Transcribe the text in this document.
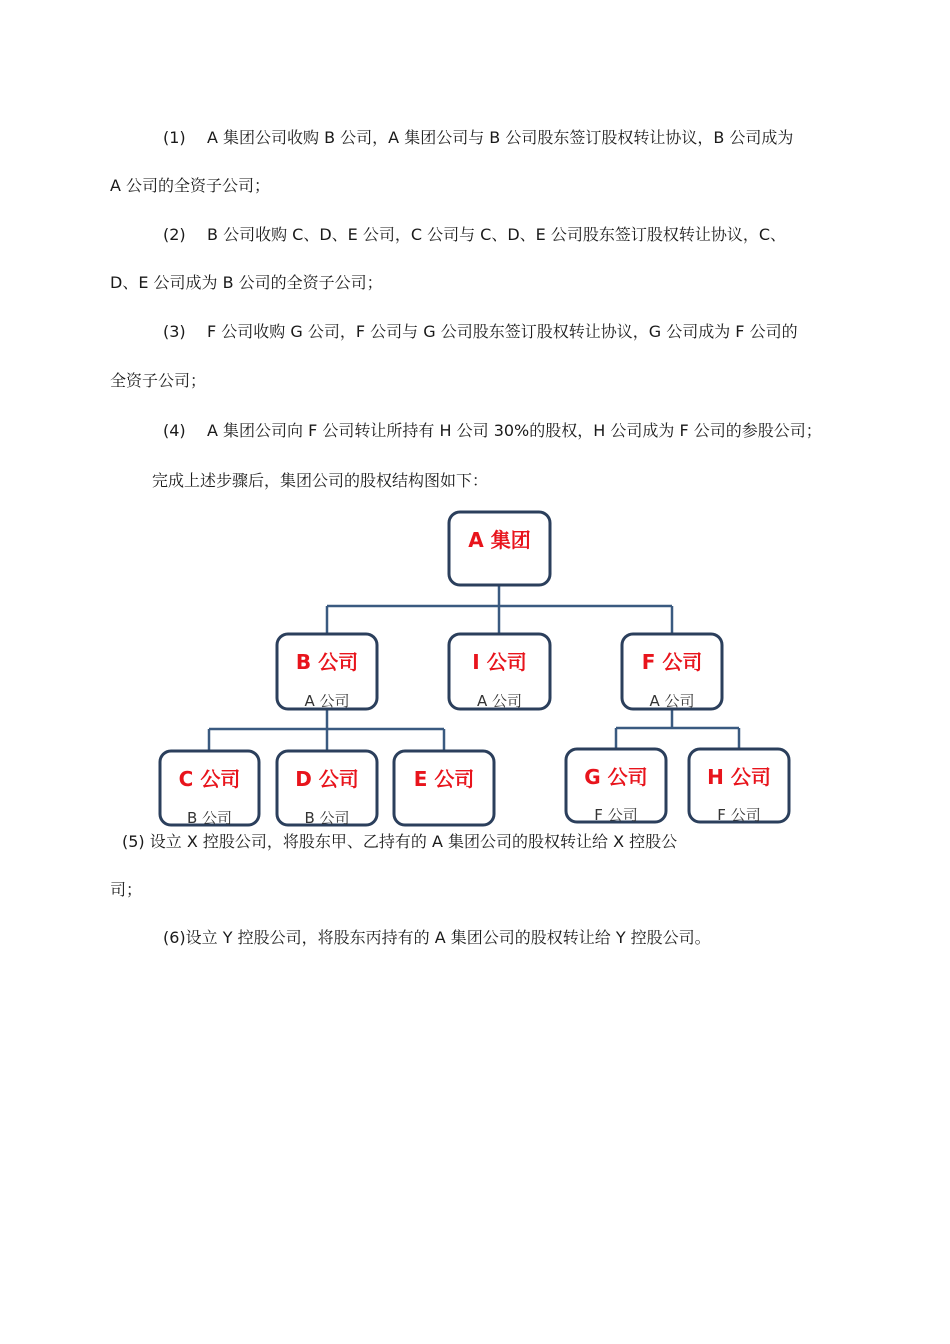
(1) A 集团公司收购 B 公司，A 集团公司与 B 公司股东签订股权转让协议，B 公司成为
A 公司的全资子公司；
(2) B 公司收购 C、D、E 公司，C 公司与 C、D、E 公司股东签订股权转让协议，C、
D、E 公司成为 B 公司的全资子公司；
(3) F 公司收购 G 公司，F 公司与 G 公司股东签订股权转让协议，G 公司成为 F 公司的
全资子公司；
(4) A 集团公司向 F 公司转让所持有 H 公司 30%的股权，H 公司成为 F 公司的参股公司；
完成上述步骤后，集团公司的股权结构图如下：
A 集团
B 公司
A 公司
I 公司
A 公司
F 公司
A 公司
C 公司
B 公司
D 公司
B 公司
E 公司	G 公司
F 公司
H 公司
F 公司
(5) 设立 X 控股公司，将股东甲、乙持有的 A 集团公司的股权转让给 X 控股公
司；
(6)设立 Y 控股公司，将股东丙持有的 A 集团公司的股权转让给 Y 控股公司。
